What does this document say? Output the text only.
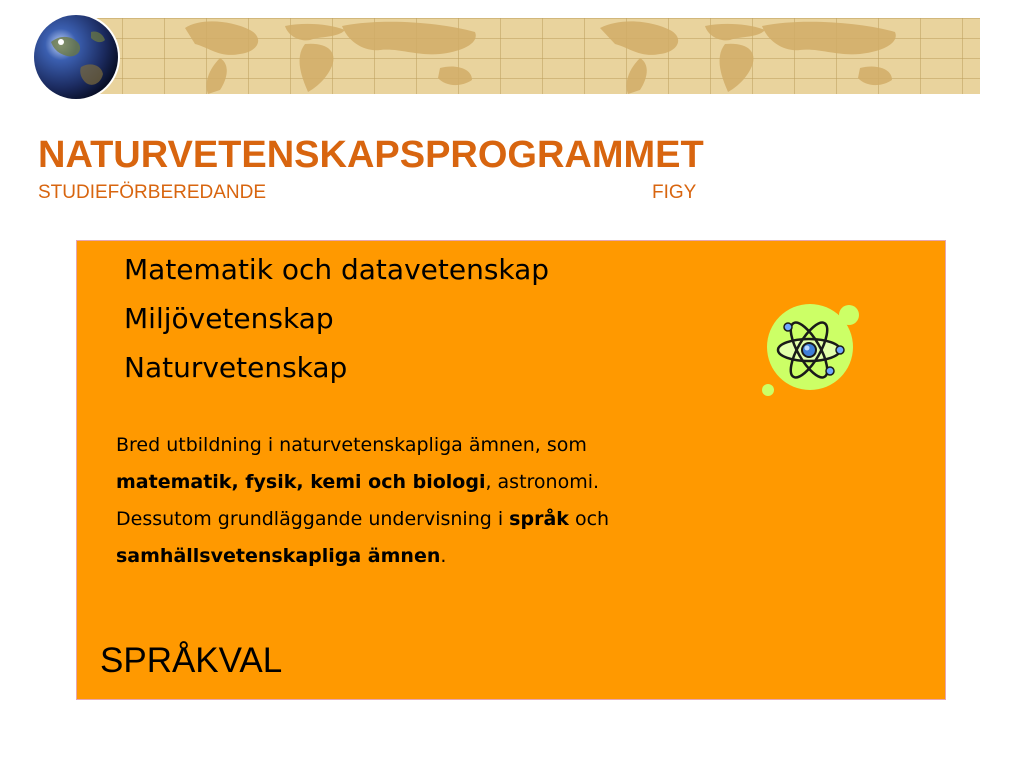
NATURVETENSKAPSPROGRAMMET
STUDIEFÖRBEREDANDE	FIGY
Matematik och datavetenskap
Miljövetenskap
Naturvetenskap

Bred utbildning i naturvetenskapliga ämnen, som
matematik, fysik, kemi och biologi, astronomi.
Dessutom grundläggande undervisning i språk och
samhällsvetenskapliga ämnen.

SPRÅKVAL
